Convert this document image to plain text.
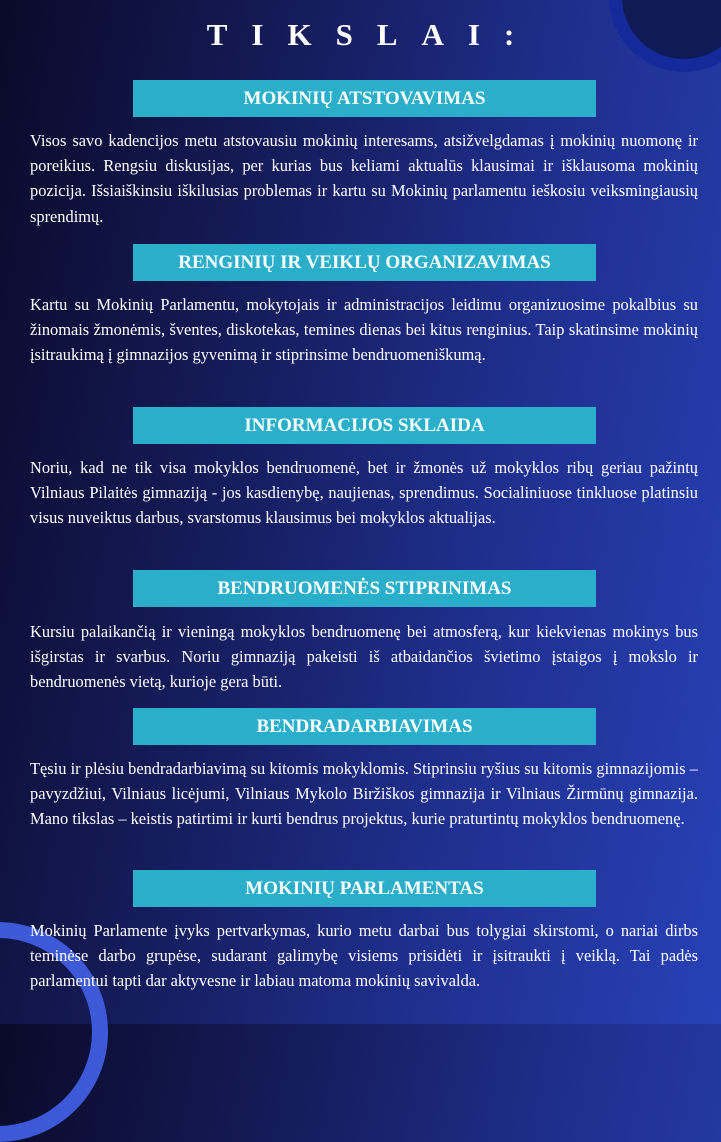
TIKSLAI:
MOKINIŲ ATSTOVAVIMAS

Visos savo kadencijos metu atstovausiu mokinių interesams, atsižvelgdamas į mokinių nuomonę ir poreikius. Rengsiu diskusijas, per kurias bus keliami aktualūs klausimai ir išklausoma mokinių pozicija. Išsiaiškinsiu iškilusias problemas ir kartu su Mokinių parlamentu ieškosiu veiksmingiausių sprendimų.

RENGINIŲ IR VEIKLŲ ORGANIZAVIMAS

Kartu su Mokinių Parlamentu, mokytojais ir administracijos leidimu organizuosime pokalbius su žinomais žmonėmis, šventes, diskotekas, temines dienas bei kitus renginius. Taip skatinsime mokinių įsitraukimą į gimnazijos gyvenimą ir stiprinsime bendruomeniškumą.

INFORMACIJOS SKLAIDA

Noriu, kad ne tik visa mokyklos bendruomenė, bet ir žmonės už mokyklos ribų geriau pažintų Vilniaus Pilaitės gimnaziją - jos kasdienybę, naujienas, sprendimus. Socialiniuose tinkluose platinsiu visus nuveiktus darbus, svarstomus klausimus bei mokyklos aktualijas.

BENDRUOMENĖS STIPRINIMAS

Kursiu palaikančią ir vieningą mokyklos bendruomenę bei atmosferą, kur kiekvienas mokinys bus išgirstas ir svarbus. Noriu gimnaziją pakeisti iš atbaidančios švietimo įstaigos į mokslo ir bendruomenės vietą, kurioje gera būti.

BENDRADARBIAVIMAS

Tęsiu ir plėsiu bendradarbiavimą su kitomis mokyklomis. Stiprinsiu ryšius su kitomis gimnazijomis – pavyzdžiui, Vilniaus licėjumi, Vilniaus Mykolo Biržiškos gimnazija ir Vilniaus Žirmūnų gimnazija. Mano tikslas – keistis patirtimi ir kurti bendrus projektus, kurie praturtintų mokyklos bendruomenę.

MOKINIŲ PARLAMENTAS

Mokinių Parlamente įvyks pertvarkymas, kurio metu darbai bus tolygiai skirstomi, o nariai dirbs teminėse darbo grupėse, sudarant galimybę visiems prisidėti ir įsitraukti į veiklą. Tai padės parlamentui tapti dar aktyvesne ir labiau matoma mokinių savivalda.
